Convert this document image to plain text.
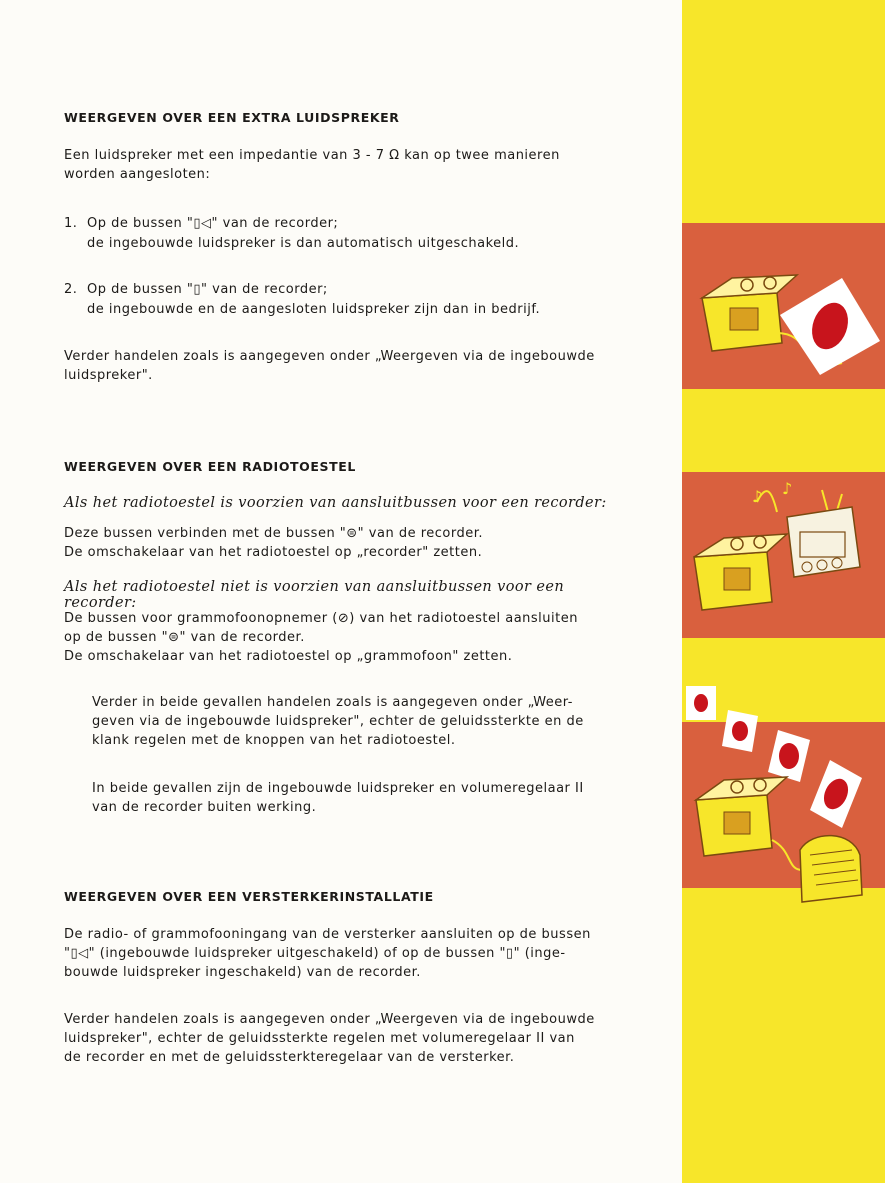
WEERGEVEN OVER EEN EXTRA LUIDSPREKER
Een luidspreker met een impedantie van 3 - 7 Ω kan op twee manieren
worden aangesloten:
1. Op de bussen "▯◁" van de recorder;
de ingebouwde luidspreker is dan automatisch uitgeschakeld.
2. Op de bussen "▯" van de recorder;
de ingebouwde en de aangesloten luidspreker zijn dan in bedrijf.
Verder handelen zoals is aangegeven onder „Weergeven via de ingebouwde
luidspreker".
WEERGEVEN OVER EEN RADIOTOESTEL
Als het radiotoestel is voorzien van aansluitbussen voor een recorder:
Deze bussen verbinden met de bussen "⊜" van de recorder.
De omschakelaar van het radiotoestel op „recorder" zetten.
Als het radiotoestel niet is voorzien van aansluitbussen voor een recorder:
De bussen voor grammofoonopnemer (⊘) van het radiotoestel aansluiten
op de bussen "⊜" van de recorder.
De omschakelaar van het radiotoestel op „grammofoon" zetten.
Verder in beide gevallen handelen zoals is aangegeven onder „Weer-
geven via de ingebouwde luidspreker", echter de geluidssterkte en de
klank regelen met de knoppen van het radiotoestel.
In beide gevallen zijn de ingebouwde luidspreker en volumeregelaar II
van de recorder buiten werking.
WEERGEVEN OVER EEN VERSTERKERINSTALLATIE
De radio- of grammofooningang van de versterker aansluiten op de bussen
"▯◁" (ingebouwde luidspreker uitgeschakeld) of op de bussen "▯" (inge-
bouwde luidspreker ingeschakeld) van de recorder.
Verder handelen zoals is aangegeven onder „Weergeven via de ingebouwde
luidspreker", echter de geluidssterkte regelen met volumeregelaar II van
de recorder en met de geluidssterkteregelaar van de versterker.
♪ ♪
